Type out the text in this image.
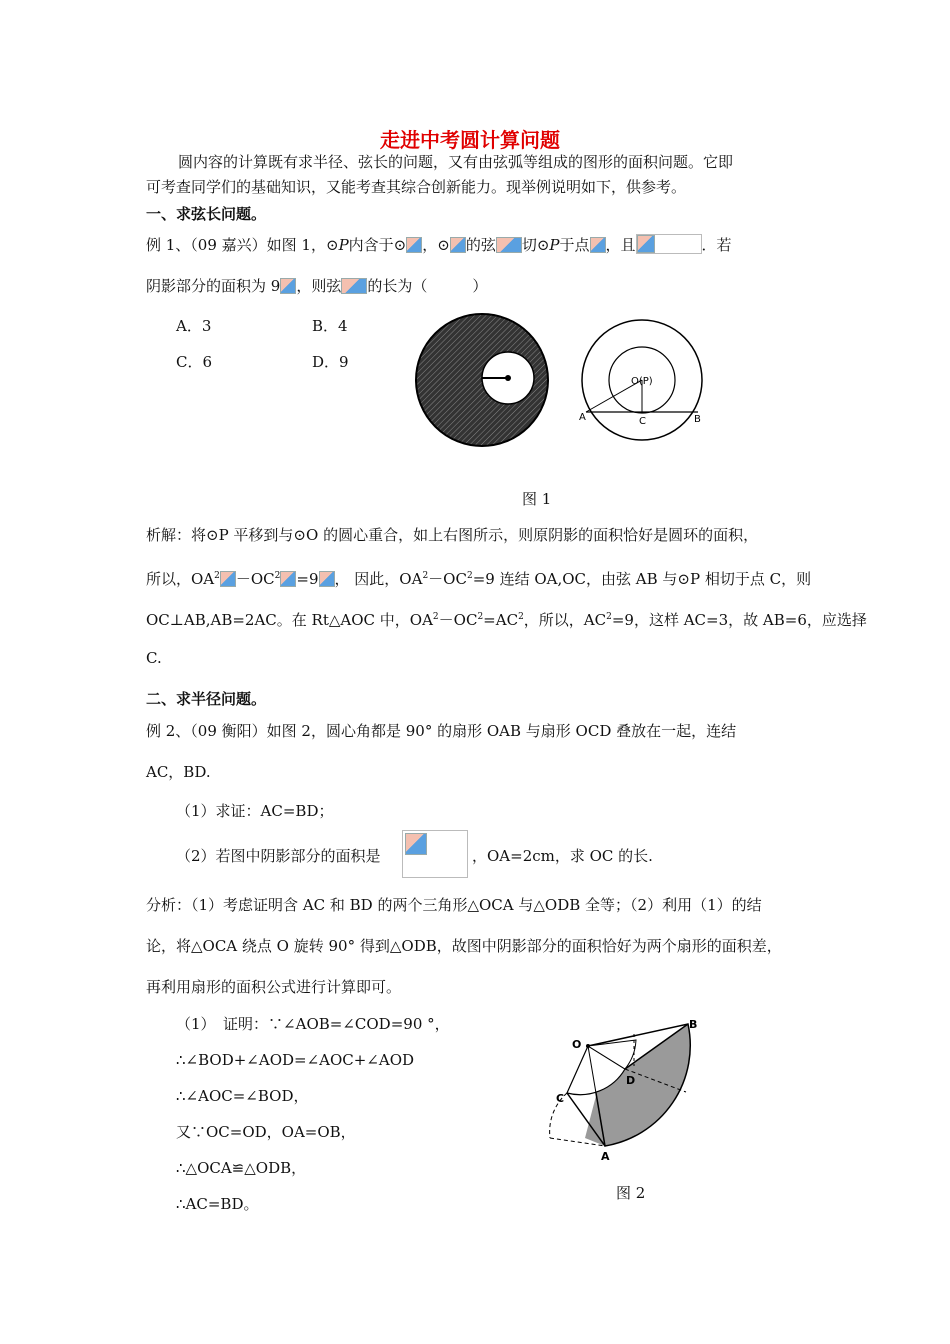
走进中考圆计算问题
圆内容的计算既有求半径、弦长的问题，又有由弦弧等组成的图形的面积问题。它即
可考查同学们的基础知识，又能考查其综合创新能力。现举例说明如下，供参考。
一、求弦长问题。
例 1、（09 嘉兴）如图 1，⊙P内含于⊙ ，⊙ 的弦 切⊙P于点 ，且	．若
阴影部分的面积为 9 ，则弦 的长为（　　　）
A．3	B．4
C．6	D．9
O(P)
A	B
C
图 1
析解：将⊙P 平移到与⊙O 的圆心重合，如上右图所示，则原阴影的面积恰好是圆环的面积，
所以，$OA^2 -OC^2 =9$ ， 因此，$OA^2-OC^2=9$ 连结 OA,OC，由弦 AB 与⊙P 相切于点 C，则
OC⊥AB,AB=2AC。在 Rt△AOC 中，$OA^2-OC^2=AC^2$，所以，$AC^2=9$，这样 AC=3，故 AB=6，应选择
C.
二、求半径问题。
例 2、（09 衡阳）如图 2，圆心角都是 90° 的扇形 OAB 与扇形 OCD 叠放在一起，连结
AC，BD.
（1）求证：AC=BD；
（2）若图中阴影部分的面积是	，OA=2cm，求 OC 的长.
分析：（1）考虑证明含 AC 和 BD 的两个三角形△OCA 与△ODB 全等；（2）利用（1）的结
论，将△OCA 绕点 O 旋转 90° 得到△ODB，故图中阴影部分的面积恰好为两个扇形的面积差，
再利用扇形的面积公式进行计算即可。
（1）　证明：∵∠AOB=∠COD=90 °，
∴∠BOD+∠AOD=∠AOC+∠AOD
∴∠AOC=∠BOD，
又∵OC=OD，OA=OB，
∴△OCA≌△ODB，
∴AC=BD。
O
B
D
C
A
图 2
